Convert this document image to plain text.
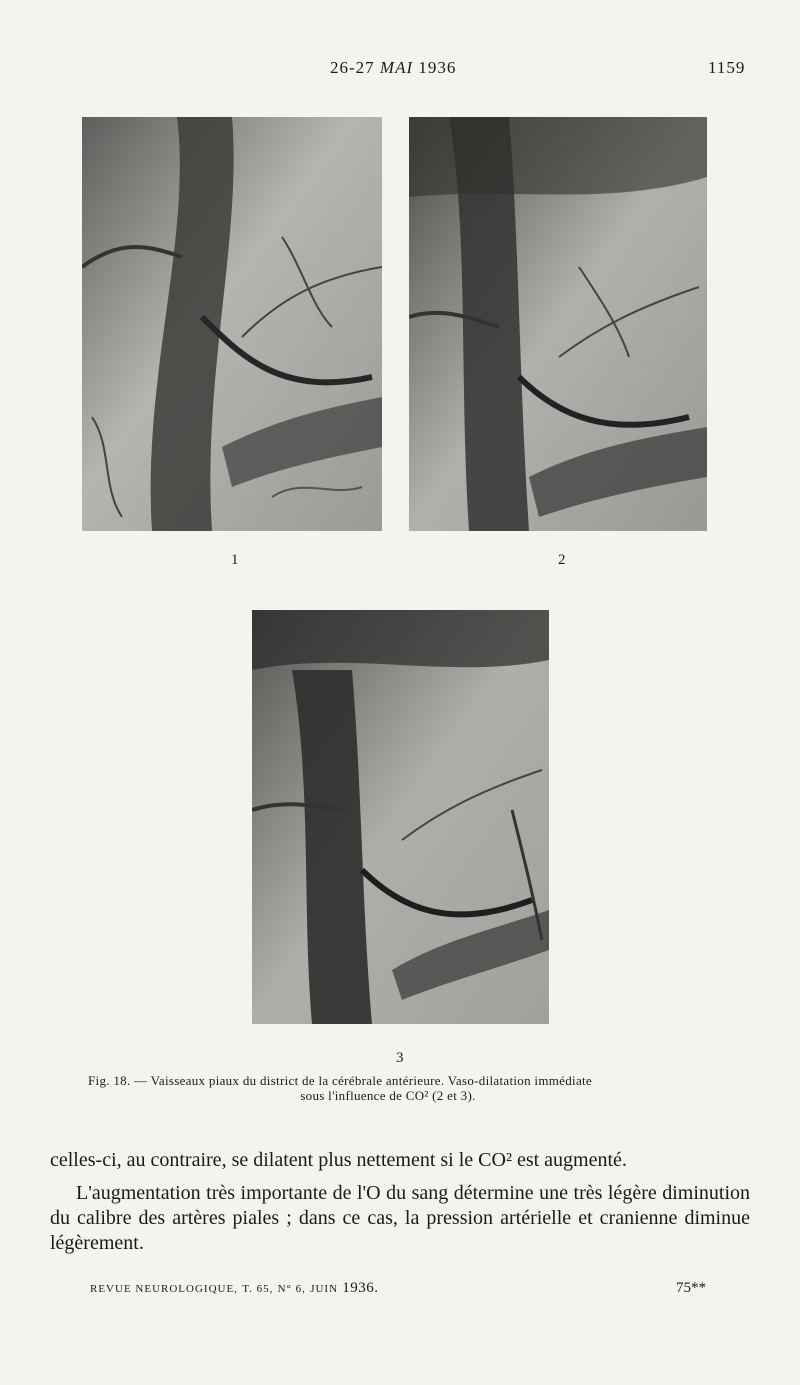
26-27 MAI 1936	1159
1	2
3
Fig. 18. — Vaisseaux piaux du district de la cérébrale antérieure. Vaso-dilatation immédiate
sous l'influence de CO² (2 et 3).

celles-ci, au contraire, se dilatent plus nettement si le CO² est augmenté.

L'augmentation très importante de l'O du sang détermine une très légère diminution du calibre des artères piales ; dans ce cas, la pression artérielle et cranienne diminue légèrement.

REVUE NEUROLOGIQUE, T. 65, N° 6, JUIN 1936.	75**
